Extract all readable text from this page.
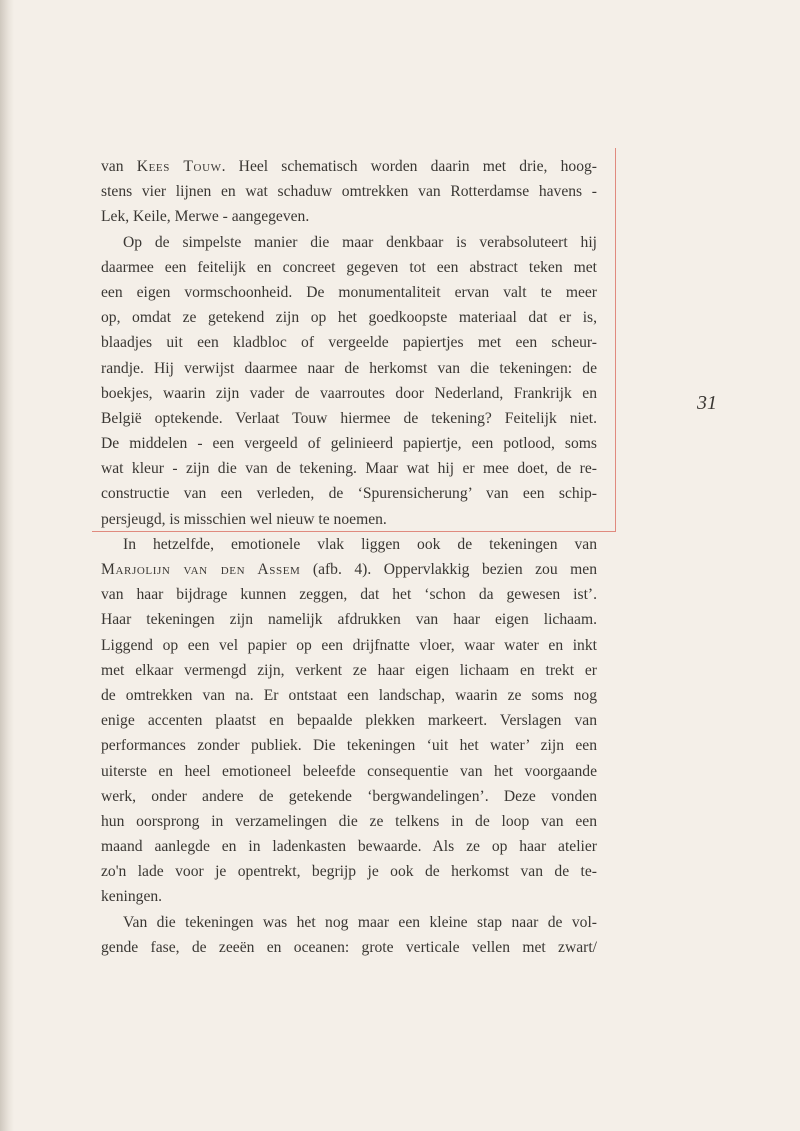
van Kees Touw. Heel schematisch worden daarin met drie, hoog-
stens vier lijnen en wat schaduw omtrekken van Rotterdamse havens -
Lek, Keile, Merwe - aangegeven.
Op de simpelste manier die maar denkbaar is verabsoluteert hij
daarmee een feitelijk en concreet gegeven tot een abstract teken met
een eigen vormschoonheid. De monumentaliteit ervan valt te meer
op, omdat ze getekend zijn op het goedkoopste materiaal dat er is,
blaadjes uit een kladbloc of vergeelde papiertjes met een scheur-
randje. Hij verwijst daarmee naar de herkomst van die tekeningen: de
boekjes, waarin zijn vader de vaarroutes door Nederland, Frankrijk en
België optekende. Verlaat Touw hiermee de tekening? Feitelijk niet.
De middelen - een vergeeld of gelinieerd papiertje, een potlood, soms
wat kleur - zijn die van de tekening. Maar wat hij er mee doet, de re-
constructie van een verleden, de ‘Spurensicherung’ van een schip-
persjeugd, is misschien wel nieuw te noemen.
In hetzelfde, emotionele vlak liggen ook de tekeningen van
Marjolijn van den Assem (afb. 4). Oppervlakkig bezien zou men
van haar bijdrage kunnen zeggen, dat het ‘schon da gewesen ist’.
Haar tekeningen zijn namelijk afdrukken van haar eigen lichaam.
Liggend op een vel papier op een drijfnatte vloer, waar water en inkt
met elkaar vermengd zijn, verkent ze haar eigen lichaam en trekt er
de omtrekken van na. Er ontstaat een landschap, waarin ze soms nog
enige accenten plaatst en bepaalde plekken markeert. Verslagen van
performances zonder publiek. Die tekeningen ‘uit het water’ zijn een
uiterste en heel emotioneel beleefde consequentie van het voorgaande
werk, onder andere de getekende ‘bergwandelingen’. Deze vonden
hun oorsprong in verzamelingen die ze telkens in de loop van een
maand aanlegde en in ladenkasten bewaarde. Als ze op haar atelier
zo'n lade voor je opentrekt, begrijp je ook de herkomst van de te-
keningen.
Van die tekeningen was het nog maar een kleine stap naar de vol-
gende fase, de zeeën en oceanen: grote verticale vellen met zwart/
31
